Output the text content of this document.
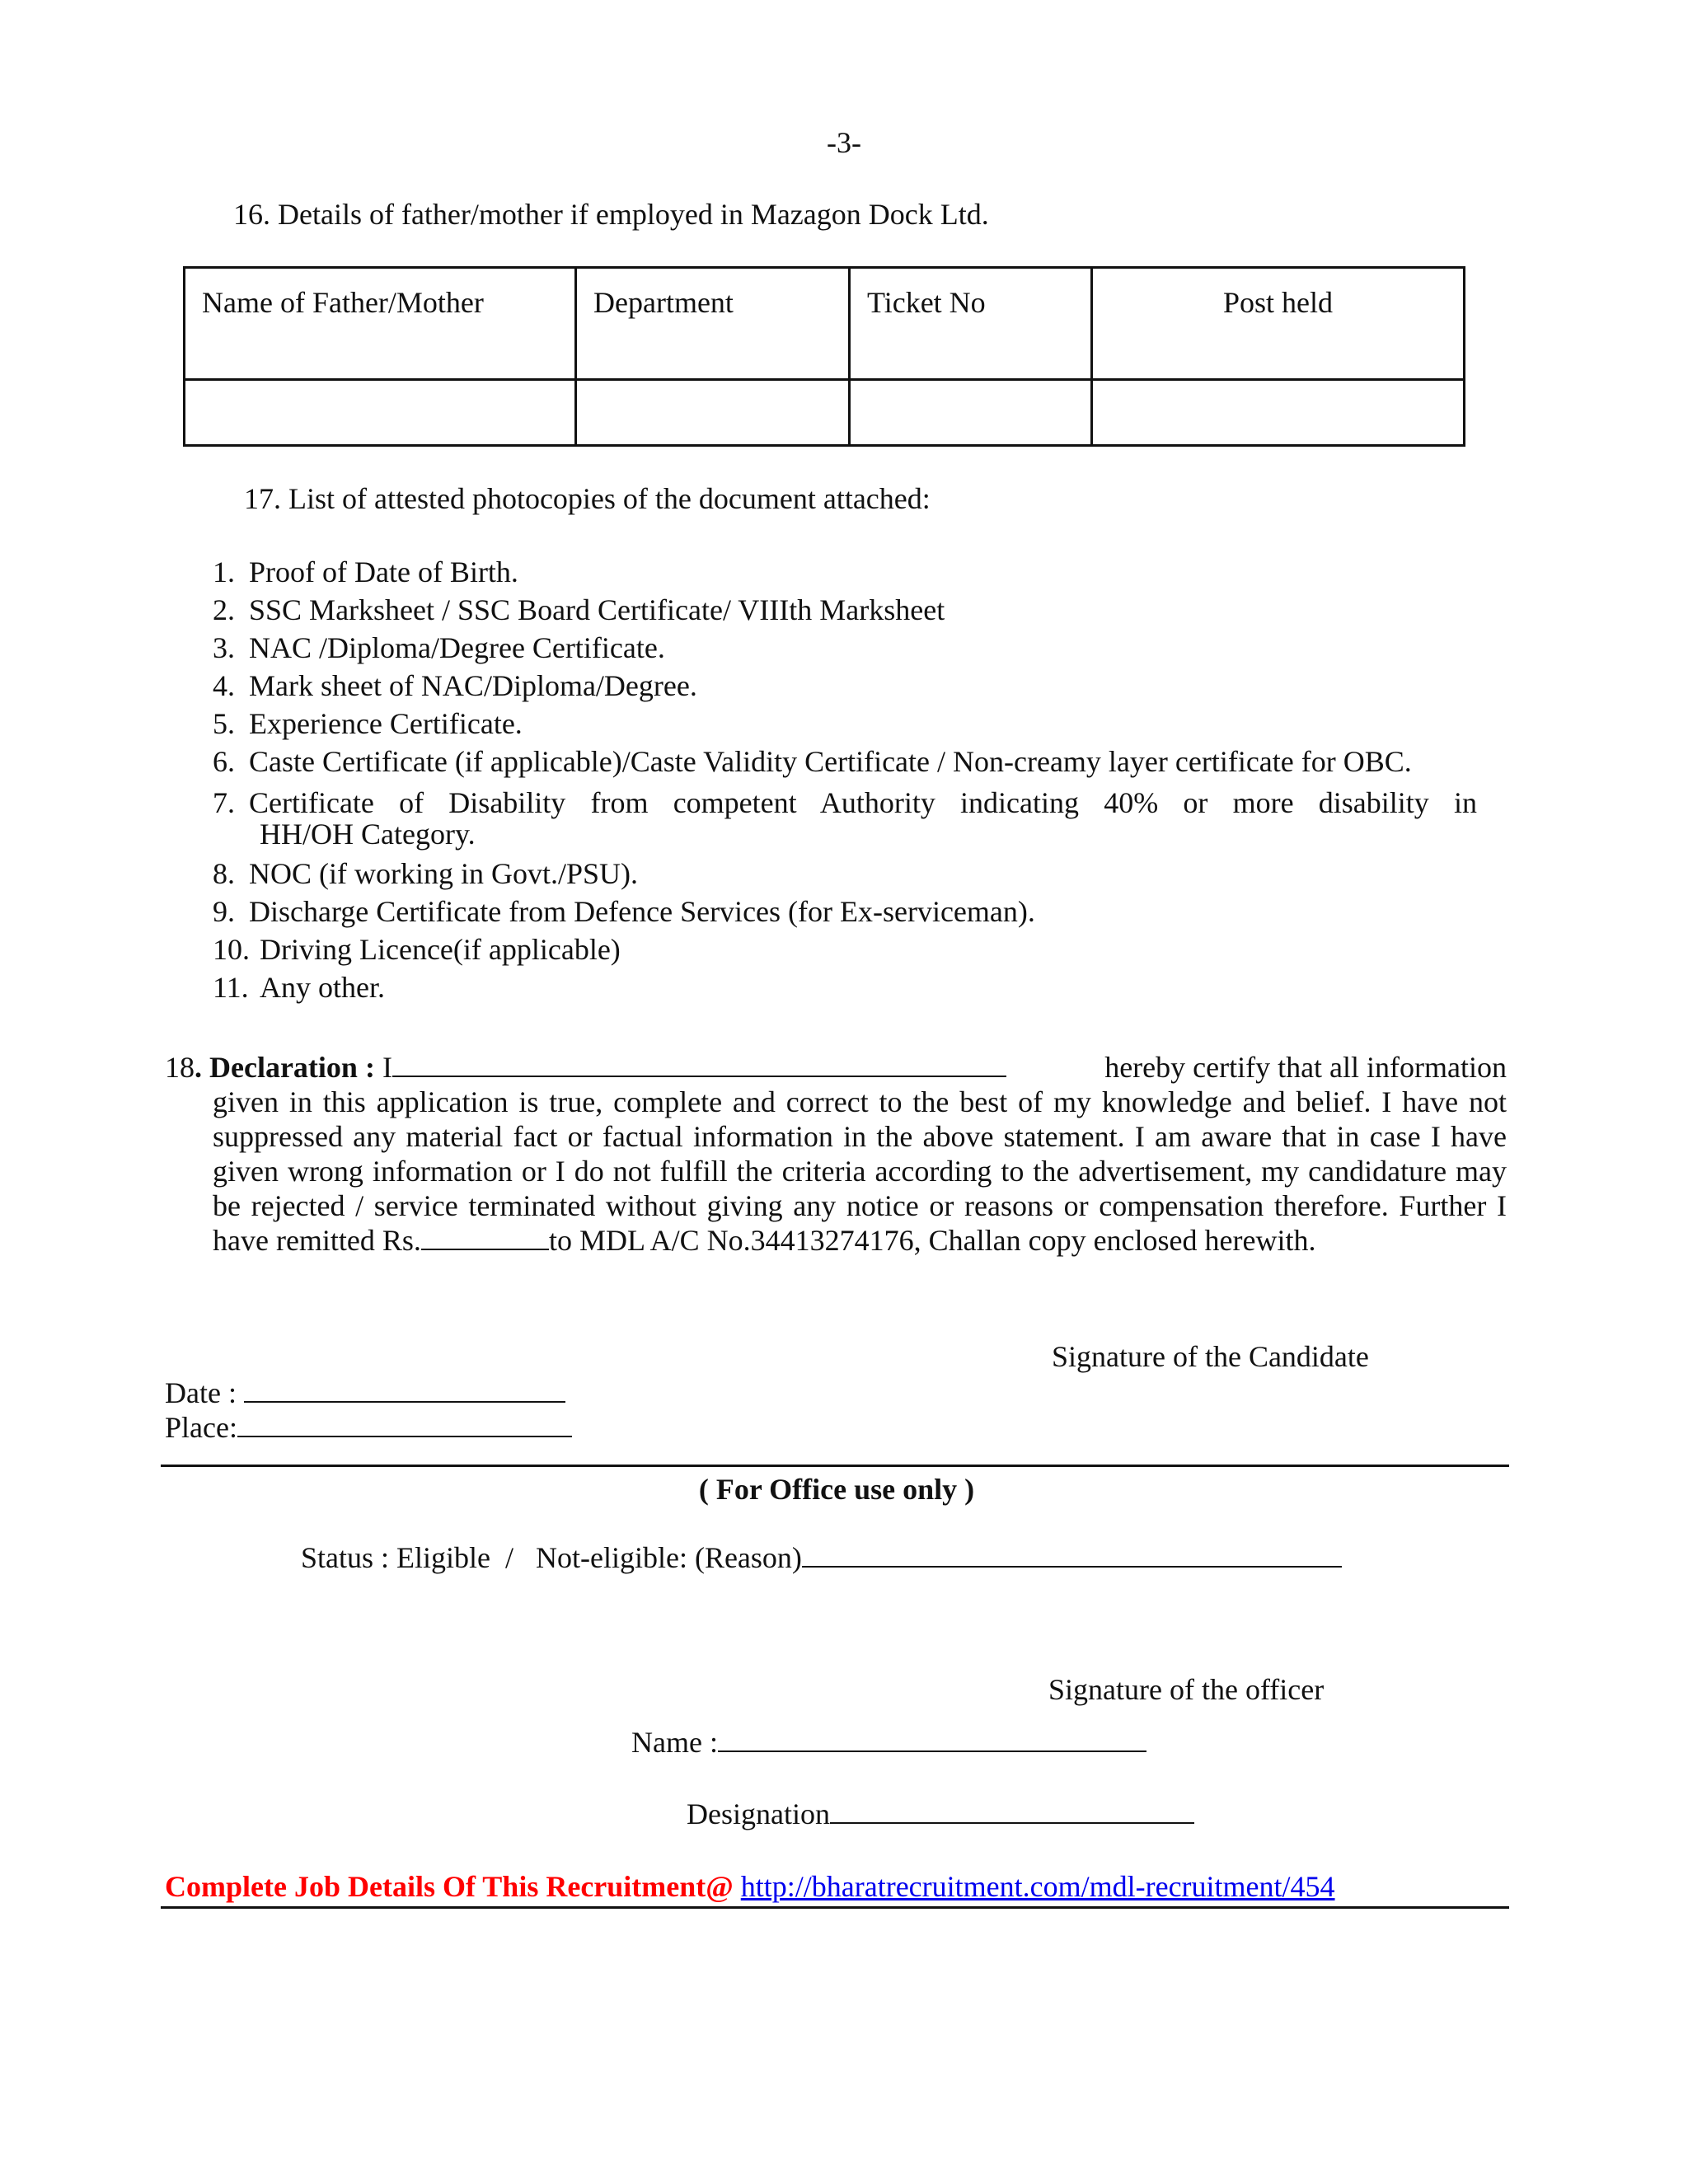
-3-
16. Details of father/mother if employed in Mazagon Dock Ltd.
Name of Father/Mother	Department	Ticket No	Post held

17. List of attested photocopies of the document attached:
1. Proof of Date of Birth.
2. SSC Marksheet / SSC Board Certificate/ VIIIth Marksheet
3. NAC /Diploma/Degree Certificate.
4. Mark sheet of NAC/Diploma/Degree.
5. Experience Certificate.
6. Caste Certificate (if applicable)/Caste Validity Certificate / Non-creamy layer certificate for OBC.
7. Certificate of Disability from competent Authority indicating 40% or more disability in
HH/OH Category.
8. NOC (if working in Govt./PSU).
9. Discharge Certificate from Defence Services (for Ex-serviceman).
10. Driving Licence(if applicable)
11. Any other.
18. Declaration : I	hereby certify that all information
given in this application is true, complete and correct to the best of my knowledge and belief. I have not suppressed any material fact or factual information in the above statement. I am aware that in case I have given wrong information or I do not fulfill the criteria according to the advertisement, my candidature may be rejected / service terminated without giving any notice or reasons or compensation therefore. Further I have remitted Rs.	to MDL A/C No.34413274176, Challan copy enclosed herewith.
Signature of the Candidate
Date :
Place:
( For Office use only )
Status : Eligible  /   Not-eligible: (Reason)
Signature of the officer
Name :
Designation
Complete Job Details Of This Recruitment@ http://bharatrecruitment.com/mdl-recruitment/454
